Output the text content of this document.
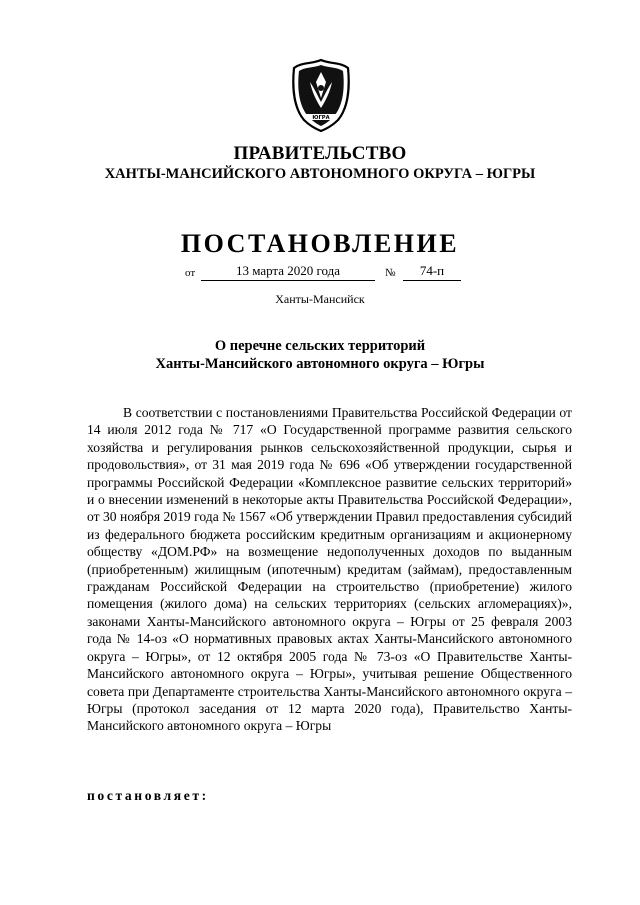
ЮГРА
ПРАВИТЕЛЬСТВО
ХАНТЫ-МАНСИЙСКОГО АВТОНОМНОГО ОКРУГА – ЮГРЫ
ПОСТАНОВЛЕНИЕ
от	13 марта 2020 года	№	74-п
Ханты-Мансийск
О перечне сельских территорий
Ханты-Мансийского автономного округа – Югры

В соответствии с постановлениями Правительства Российской Федерации от 14 июля 2012 года № 717 «О Государственной программе развития сельского хозяйства и регулирования рынков сельскохозяйственной продукции, сырья и продовольствия», от 31 мая 2019 года № 696 «Об утверждении государственной программы Российской Федерации «Комплексное развитие сельских территорий» и о внесении изменений в некоторые акты Правительства Российской Федерации», от 30 ноября 2019 года № 1567 «Об утверждении Правил предоставления субсидий из федерального бюджета российским кредитным организациям и акционерному обществу «ДОМ.РФ» на возмещение недополученных доходов по выданным (приобретенным) жилищным (ипотечным) кредитам (займам), предоставленным гражданам Российской Федерации на строительство (приобретение) жилого помещения (жилого дома) на сельских территориях (сельских агломерациях)», законами Ханты-Мансийского автономного округа – Югры от 25 февраля 2003 года № 14-оз «О нормативных правовых актах Ханты-Мансийского автономного округа – Югры», от 12 октября 2005 года № 73-оз «О Правительстве Ханты-Мансийского автономного округа – Югры», учитывая решение Общественного совета при Департаменте строительства Ханты-Мансийского автономного округа – Югры (протокол заседания от 12 марта 2020 года), Правительство Ханты-Мансийского автономного округа – Югры

постановляет:
